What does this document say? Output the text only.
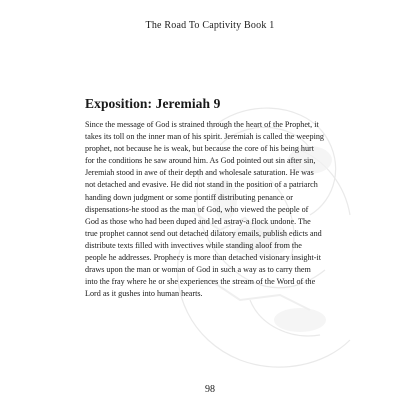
The Road To Captivity Book 1
Exposition: Jeremiah 9
Since the message of God is strained through the heart of the Prophet, it
takes its toll on the inner man of his spirit. Jeremiah is called the weeping
prophet, not because he is weak, but because the core of his being hurt
for the conditions he saw around him. As God pointed out sin after sin,
Jeremiah stood in awe of their depth and wholesale saturation. He was
not detached and evasive. He did not stand in the position of a patriarch
handing down judgment or some pontiff distributing penance or
dispensations-he stood as the man of God, who viewed the people of
God as those who had been duped and led astray-a flock undone. The
true prophet cannot send out detached dilatory emails, publish edicts and
distribute texts filled with invectives while standing aloof from the
people he addresses. Prophecy is more than detached visionary insight-it
draws upon the man or woman of God in such a way as to carry them
into the fray where he or she experiences the stream of the Word of the
Lord as it gushes into human hearts.
98
